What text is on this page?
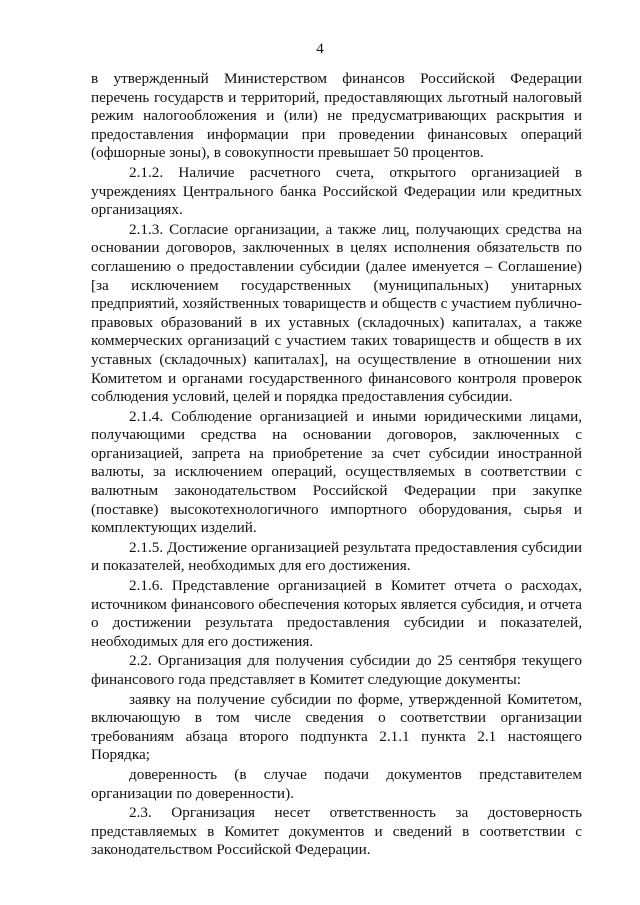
4

в утвержденный Министерством финансов Российской Федерации перечень государств и территорий, предоставляющих льготный налоговый режим налогообложения и (или) не предусматривающих раскрытия и предоставления информации при проведении финансовых операций (офшорные зоны), в совокупности превышает 50 процентов.

2.1.2. Наличие расчетного счета, открытого организацией в учреждениях Центрального банка Российской Федерации или кредитных организациях.

2.1.3. Согласие организации, а также лиц, получающих средства на основании договоров, заключенных в целях исполнения обязательств по соглашению о предоставлении субсидии (далее именуется – Соглашение) [за исключением государственных (муниципальных) унитарных предприятий, хозяйственных товариществ и обществ с участием публично-правовых образований в их уставных (складочных) капиталах, а также коммерческих организаций с участием таких товариществ и обществ в их уставных (складочных) капиталах], на осуществление в отношении них Комитетом и органами государственного финансового контроля проверок соблюдения условий, целей и порядка предоставления субсидии.

2.1.4. Соблюдение организацией и иными юридическими лицами, получающими средства на основании договоров, заключенных с организацией, запрета на приобретение за счет субсидии иностранной валюты, за исключением операций, осуществляемых в соответствии с валютным законодательством Российской Федерации при закупке (поставке) высокотехнологичного импортного оборудования, сырья и комплектующих изделий.

2.1.5. Достижение организацией результата предоставления субсидии и показателей, необходимых для его достижения.

2.1.6. Представление организацией в Комитет отчета о расходах, источником финансового обеспечения которых является субсидия, и отчета о достижении результата предоставления субсидии и показателей, необходимых для его достижения.

2.2. Организация для получения субсидии до 25 сентября текущего финансового года представляет в Комитет следующие документы:

заявку на получение субсидии по форме, утвержденной Комитетом, включающую в том числе сведения о соответствии организации требованиям абзаца второго подпункта 2.1.1 пункта 2.1 настоящего Порядка;

доверенность (в случае подачи документов представителем организации по доверенности).

2.3. Организация несет ответственность за достоверность представляемых в Комитет документов и сведений в соответствии с законодательством Российской Федерации.
